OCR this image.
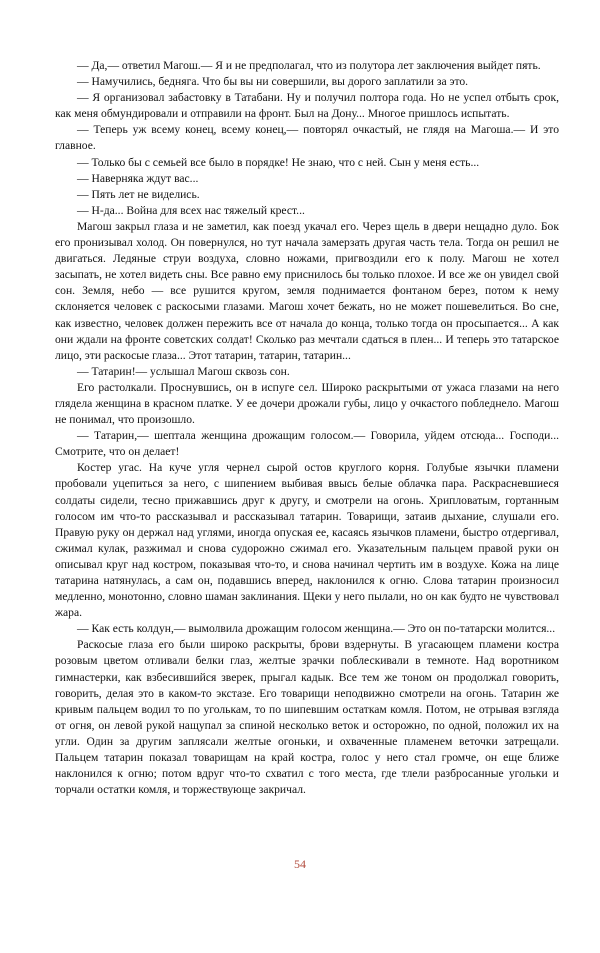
— Да,— ответил Магош.— Я и не предполагал, что из полутора лет заключения выйдет пять.

— Намучились, бедняга. Что бы вы ни совершили, вы дорого заплатили за это.

— Я организовал забастовку в Татабани. Ну и получил полтора года. Но не успел отбыть срок, как меня обмундировали и отправили на фронт. Был на Дону... Многое пришлось испытать.

— Теперь уж всему конец, всему конец,— повторял очкастый, не глядя на Магоша.— И это главное.

— Только бы с семьей все было в порядке! Не знаю, что с ней. Сын у меня есть...

— Наверняка ждут вас...

— Пять лет не виделись.

— Н-да... Война для всех нас тяжелый крест...

Магош закрыл глаза и не заметил, как поезд укачал его. Через щель в двери нещадно дуло. Бок его пронизывал холод. Он повернулся, но тут начала замерзать другая часть тела. Тогда он решил не двигаться. Ледяные струи воздуха, словно ножами, пригвоздили его к полу. Магош не хотел засыпать, не хотел видеть сны. Все равно ему приснилось бы только плохое. И все же он увидел свой сон. Земля, небо — все рушится кругом, земля поднимается фонтаном берез, потом к нему склоняется человек с раскосыми глазами. Магош хочет бежать, но не может пошевелиться. Во сне, как известно, человек должен пережить все от начала до конца, только тогда он просыпается... А как они ждали на фронте советских солдат! Сколько раз мечтали сдаться в плен... И теперь это татарское лицо, эти раскосые глаза... Этот татарин, татарин, татарин...

— Татарин!— услышал Магош сквозь сон.

Его растолкали. Проснувшись, он в испуге сел. Широко раскрытыми от ужаса глазами на него глядела женщина в красном платке. У ее дочери дрожали губы, лицо у очкастого побледнело. Магош не понимал, что произошло.

— Татарин,— шептала женщина дрожащим голосом.— Говорила, уйдем отсюда... Господи... Смотрите, что он делает!

Костер угас. На куче угля чернел сырой остов круглого корня. Голубые язычки пламени пробовали уцепиться за него, с шипением выбивая ввысь белые облачка пара. Раскрасневшиеся солдаты сидели, тесно прижавшись друг к другу, и смотрели на огонь. Хрипловатым, гортанным голосом им что-то рассказывал и рассказывал татарин. Товарищи, затаив дыхание, слушали его. Правую руку он держал над углями, иногда опуская ее, касаясь язычков пламени, быстро отдергивал, сжимал кулак, разжимал и снова судорожно сжимал его. Указательным пальцем правой руки он описывал круг над костром, показывая что-то, и снова начинал чертить им в воздухе. Кожа на лице татарина натянулась, а сам он, подавшись вперед, наклонился к огню. Слова татарин произносил медленно, монотонно, словно шаман заклинания. Щеки у него пылали, но он как будто не чувствовал жара.

— Как есть колдун,— вымолвила дрожащим голосом женщина.— Это он по-татарски молится...

Раскосые глаза его были широко раскрыты, брови вздернуты. В угасающем пламени костра розовым цветом отливали белки глаз, желтые зрачки поблескивали в темноте. Над воротником гимнастерки, как взбесившийся зверек, прыгал кадык. Все тем же тоном он продолжал говорить, говорить, делая это в каком-то экстазе. Его товарищи неподвижно смотрели на огонь. Татарин же кривым пальцем водил то по уголькам, то по шипевшим остаткам комля. Потом, не отрывая взгляда от огня, он левой рукой нащупал за спиной несколько веток и осторожно, по одной, положил их на угли. Один за другим заплясали желтые огоньки, и охваченные пламенем веточки затрещали. Пальцем татарин показал товарищам на край костра, голос у него стал громче, он еще ближе наклонился к огню; потом вдруг что-то схватил с того места, где тлели разбросанные угольки и торчали остатки комля, и торжествующе закричал.

54
